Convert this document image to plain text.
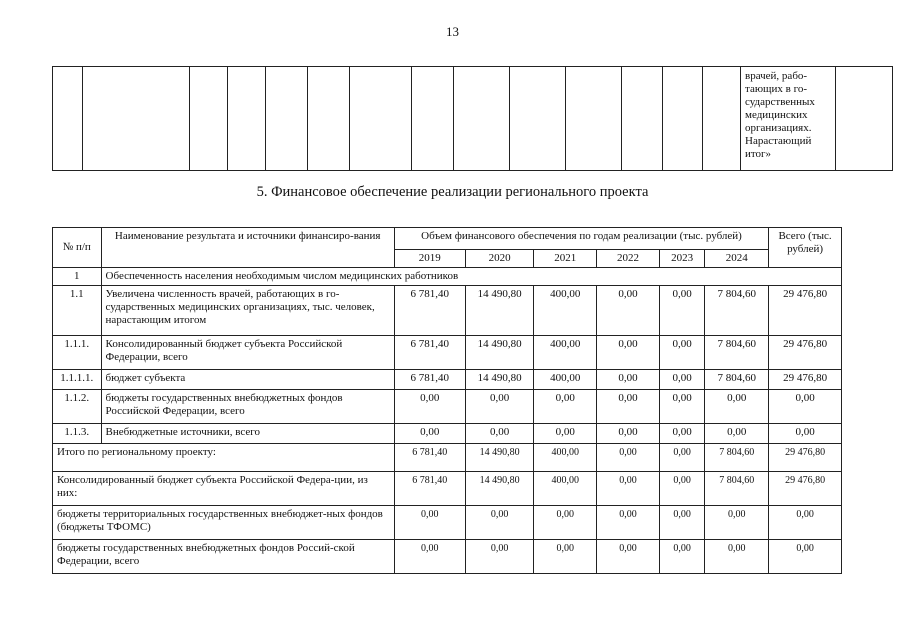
13

врачей, рабо-
тающих в го-
сударственных
медицинских
организациях.
Нарастающий
итог»

5. Финансовое обеспечение реализации регионального проекта
№ п/п	Наименование результата и источники финансиро-вания	Объем финансового обеспечения по годам реализации (тыс. рублей)						Всего (тыс. рублей)
		2019	2020	2021	2022	2023	2024	
1	Обеспеченность населения необходимым числом медицинских работников							
1.1	Увеличена численность врачей, работающих в го-сударственных медицинских организациях, тыс. человек, нарастающим итогом	6 781,40	14 490,80	400,00	0,00	0,00	7 804,60	29 476,80
1.1.1.	Консолидированный бюджет субъекта Российской Федерации, всего	6 781,40	14 490,80	400,00	0,00	0,00	7 804,60	29 476,80
1.1.1.1.	бюджет субъекта	6 781,40	14 490,80	400,00	0,00	0,00	7 804,60	29 476,80
1.1.2.	бюджеты государственных внебюджетных фондов Российской Федерации, всего	0,00	0,00	0,00	0,00	0,00	0,00	0,00
1.1.3.	Внебюджетные источники, всего	0,00	0,00	0,00	0,00	0,00	0,00	0,00
Итого по региональному проекту:		6 781,40	14 490,80	400,00	0,00	0,00	7 804,60	29 476,80
Консолидированный бюджет субъекта Российской Федера-ции, из них:		6 781,40	14 490,80	400,00	0,00	0,00	7 804,60	29 476,80
бюджеты территориальных государственных внебюджет-ных фондов (бюджеты ТФОМС)		0,00	0,00	0,00	0,00	0,00	0,00	0,00
бюджеты государственных внебюджетных фондов Россий-ской Федерации, всего		0,00	0,00	0,00	0,00	0,00	0,00	0,00
